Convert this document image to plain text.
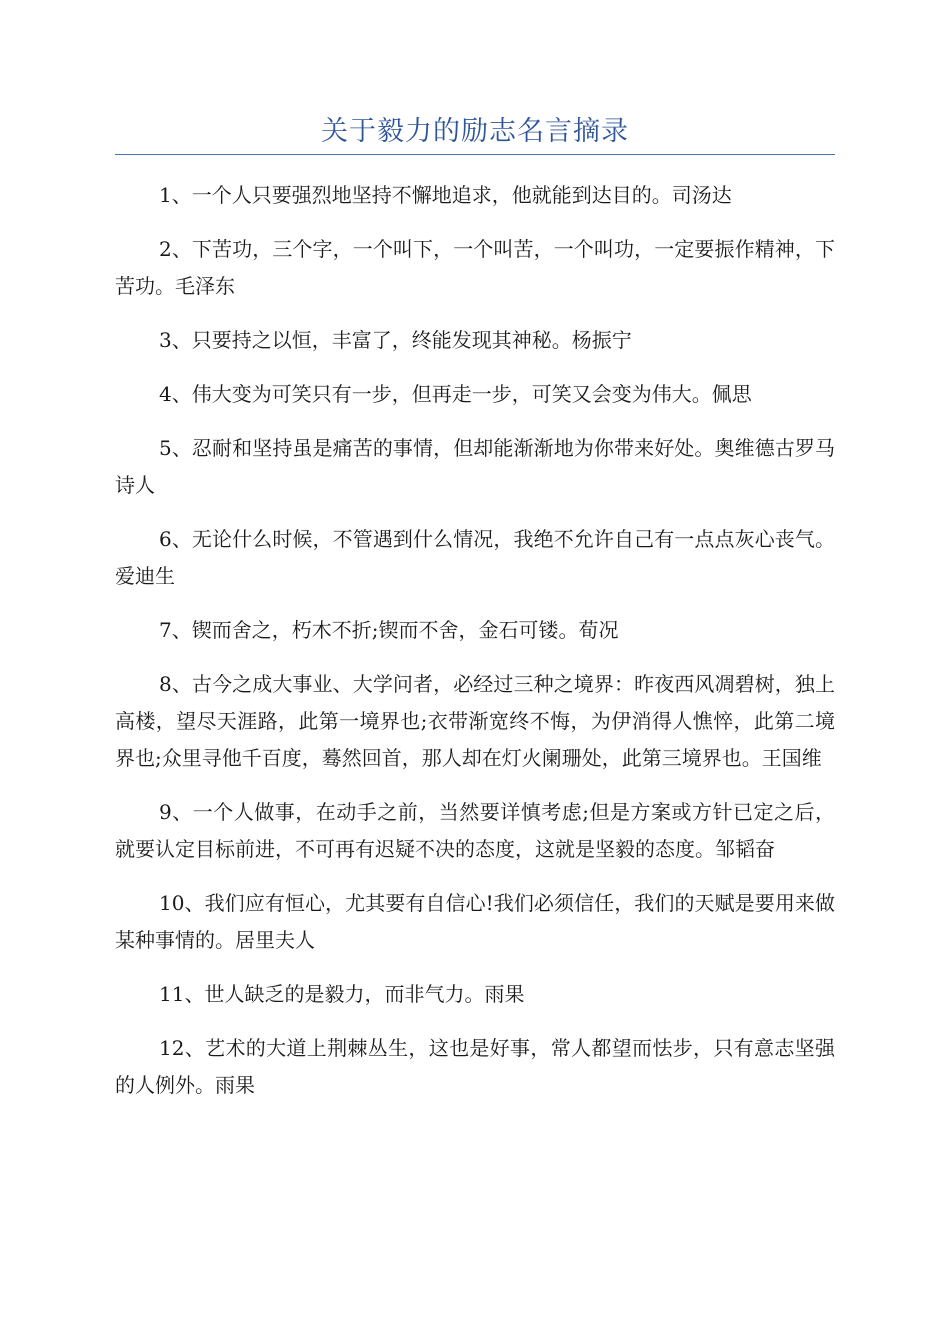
关于毅力的励志名言摘录

1、一个人只要强烈地坚持不懈地追求，他就能到达目的。司汤达

2、下苦功，三个字，一个叫下，一个叫苦，一个叫功，一定要振作精神，下苦功。毛泽东

3、只要持之以恒，丰富了，终能发现其神秘。杨振宁

4、伟大变为可笑只有一步，但再走一步，可笑又会变为伟大。佩思

5、忍耐和坚持虽是痛苦的事情，但却能渐渐地为你带来好处。奥维德古罗马诗人

6、无论什么时候，不管遇到什么情况，我绝不允许自己有一点点灰心丧气。爱迪生

7、锲而舍之，朽木不折;锲而不舍，金石可镂。荀况

8、古今之成大事业、大学问者，必经过三种之境界：昨夜西风凋碧树，独上高楼，望尽天涯路，此第一境界也;衣带渐宽终不悔，为伊消得人憔悴，此第二境界也;众里寻他千百度，蓦然回首，那人却在灯火阑珊处，此第三境界也。王国维

9、一个人做事，在动手之前，当然要详慎考虑;但是方案或方针已定之后，就要认定目标前进，不可再有迟疑不决的态度，这就是坚毅的态度。邹韬奋

10、我们应有恒心，尤其要有自信心!我们必须信任，我们的天赋是要用来做某种事情的。居里夫人

11、世人缺乏的是毅力，而非气力。雨果

12、艺术的大道上荆棘丛生，这也是好事，常人都望而怯步，只有意志坚强的人例外。雨果
